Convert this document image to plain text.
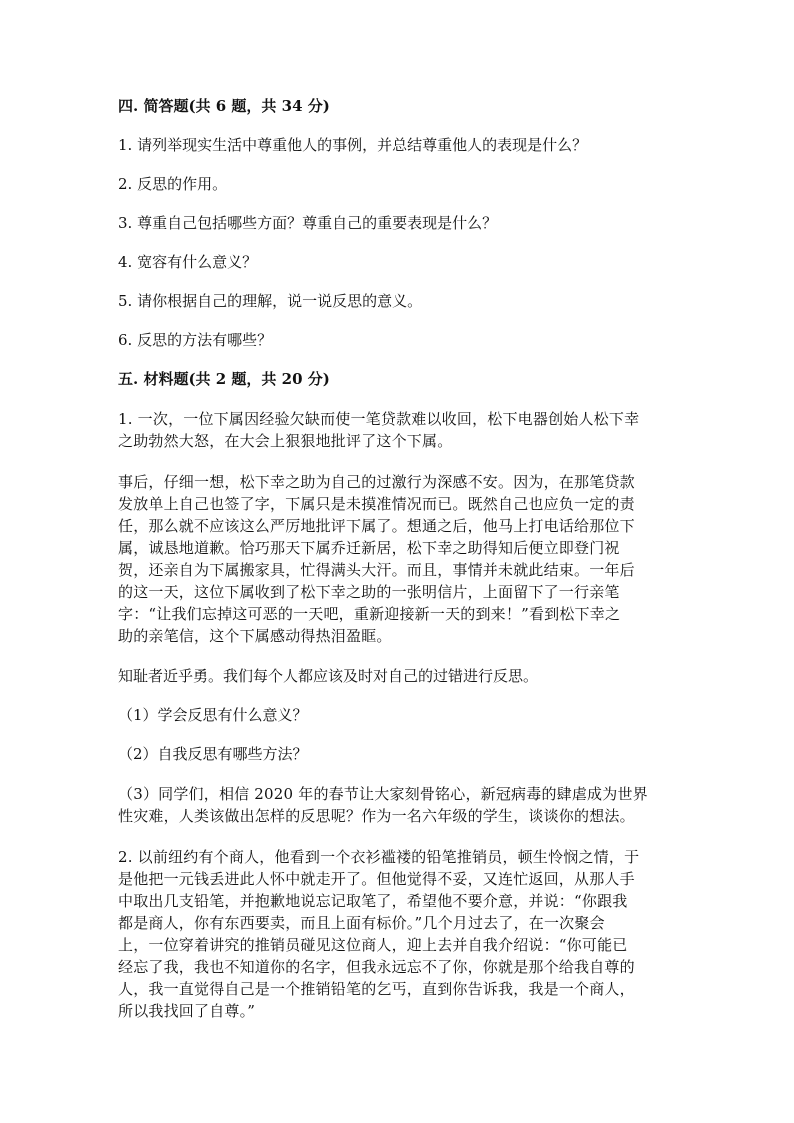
四. 简答题(共 6 题，共 34 分)
1. 请列举现实生活中尊重他人的事例，并总结尊重他人的表现是什么？
2. 反思的作用。
3. 尊重自己包括哪些方面？尊重自己的重要表现是什么？
4. 宽容有什么意义？
5. 请你根据自己的理解，说一说反思的意义。
6. 反思的方法有哪些？
五. 材料题(共 2 题，共 20 分)
1. 一次，一位下属因经验欠缺而使一笔贷款难以收回，松下电器创始人松下幸
之助勃然大怒，在大会上狠狠地批评了这个下属。
事后，仔细一想，松下幸之助为自己的过激行为深感不安。因为，在那笔贷款
发放单上自己也签了字，下属只是未摸准情况而已。既然自己也应负一定的责
任，那么就不应该这么严厉地批评下属了。想通之后，他马上打电话给那位下
属，诚恳地道歉。恰巧那天下属乔迁新居，松下幸之助得知后便立即登门祝
贺，还亲自为下属搬家具，忙得满头大汗。而且，事情并未就此结束。一年后
的这一天，这位下属收到了松下幸之助的一张明信片，上面留下了一行亲笔
字：“让我们忘掉这可恶的一天吧，重新迎接新一天的到来！”看到松下幸之
助的亲笔信，这个下属感动得热泪盈眶。
知耻者近乎勇。我们每个人都应该及时对自己的过错进行反思。
（1）学会反思有什么意义？
（2）自我反思有哪些方法？
（3）同学们，相信 2020 年的春节让大家刻骨铭心，新冠病毒的肆虐成为世界
性灾难，人类该做出怎样的反思呢？作为一名六年级的学生，谈谈你的想法。
2. 以前纽约有个商人，他看到一个衣衫褴褛的铅笔推销员，顿生怜悯之情，于
是他把一元钱丢进此人怀中就走开了。但他觉得不妥，又连忙返回，从那人手
中取出几支铅笔，并抱歉地说忘记取笔了，希望他不要介意，并说：“你跟我
都是商人，你有东西要卖，而且上面有标价。”几个月过去了，在一次聚会
上，一位穿着讲究的推销员碰见这位商人，迎上去并自我介绍说：“你可能已
经忘了我，我也不知道你的名字，但我永远忘不了你，你就是那个给我自尊的
人，我一直觉得自己是一个推销铅笔的乞丐，直到你告诉我，我是一个商人，
所以我找回了自尊。”
